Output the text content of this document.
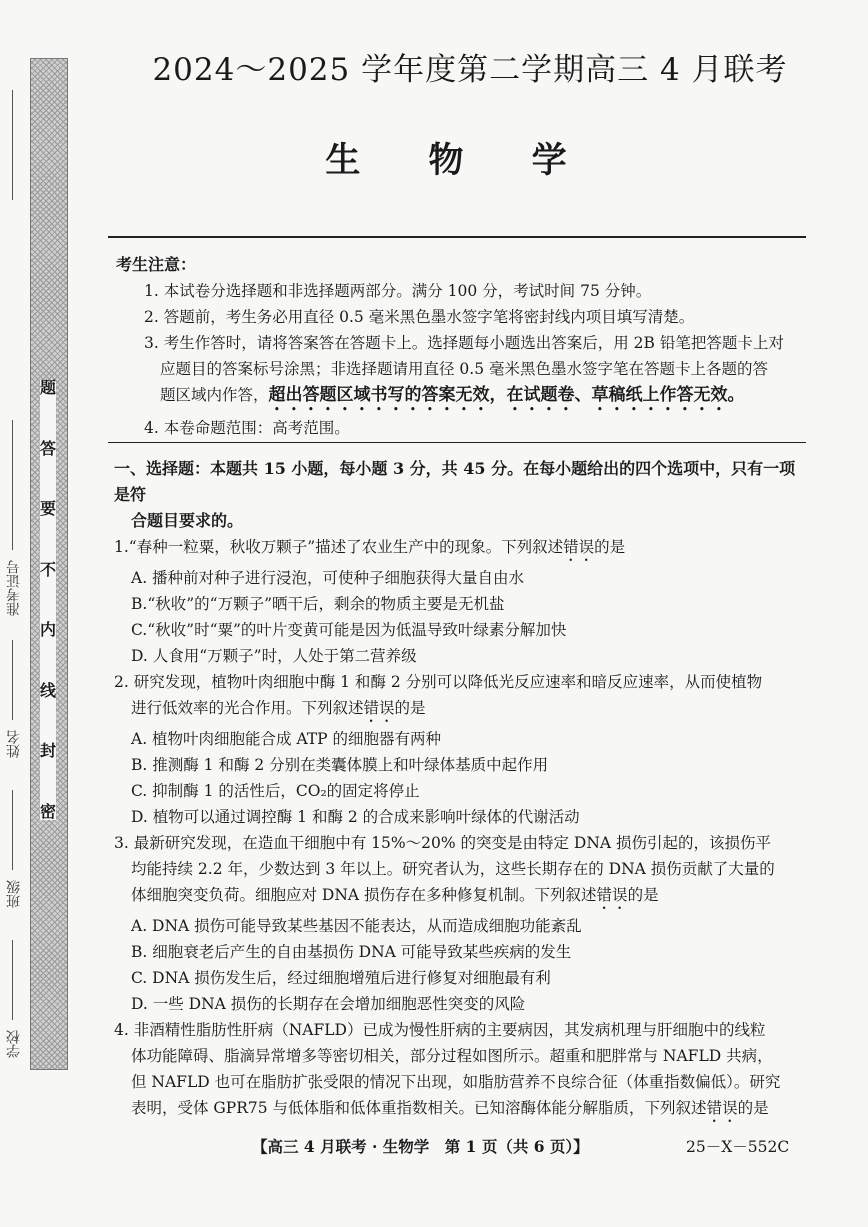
学校
班级
姓名
准考证号
题
答
要
不
内
线
封
密
2024～2025 学年度第二学期高三 4 月联考
生 物 学
考生注意：
1. 本试卷分选择题和非选择题两部分。满分 100 分，考试时间 75 分钟。
2. 答题前，考生务必用直径 0.5 毫米黑色墨水签字笔将密封线内项目填写清楚。
3. 考生作答时，请将答案答在答题卡上。选择题每小题选出答案后，用 2B 铅笔把答题卡上对
应题目的答案标号涂黑；非选择题请用直径 0.5 毫米黑色墨水签字笔在答题卡上各题的答
题区域内作答，超出答题区域书写的答案无效，在试题卷、草稿纸上作答无效。
4. 本卷命题范围：高考范围。
一、选择题：本题共 15 小题，每小题 3 分，共 45 分。在每小题给出的四个选项中，只有一项是符
合题目要求的。
1.“春种一粒粟，秋收万颗子”描述了农业生产中的现象。下列叙述错误的是
A. 播种前对种子进行浸泡，可使种子细胞获得大量自由水
B.“秋收”的“万颗子”晒干后，剩余的物质主要是无机盐
C.“秋收”时“粟”的叶片变黄可能是因为低温导致叶绿素分解加快
D. 人食用“万颗子”时，人处于第二营养级
2. 研究发现，植物叶肉细胞中酶 1 和酶 2 分别可以降低光反应速率和暗反应速率，从而使植物
进行低效率的光合作用。下列叙述错误的是
A. 植物叶肉细胞能合成 ATP 的细胞器有两种
B. 推测酶 1 和酶 2 分别在类囊体膜上和叶绿体基质中起作用
C. 抑制酶 1 的活性后，CO₂的固定将停止
D. 植物可以通过调控酶 1 和酶 2 的合成来影响叶绿体的代谢活动
3. 最新研究发现，在造血干细胞中有 15%～20% 的突变是由特定 DNA 损伤引起的，该损伤平
均能持续 2.2 年，少数达到 3 年以上。研究者认为，这些长期存在的 DNA 损伤贡献了大量的
体细胞突变负荷。细胞应对 DNA 损伤存在多种修复机制。下列叙述错误的是
A. DNA 损伤可能导致某些基因不能表达，从而造成细胞功能紊乱
B. 细胞衰老后产生的自由基损伤 DNA 可能导致某些疾病的发生
C. DNA 损伤发生后，经过细胞增殖后进行修复对细胞最有利
D. 一些 DNA 损伤的长期存在会增加细胞恶性突变的风险
4. 非酒精性脂肪性肝病（NAFLD）已成为慢性肝病的主要病因，其发病机理与肝细胞中的线粒
体功能障碍、脂滴异常增多等密切相关，部分过程如图所示。超重和肥胖常与 NAFLD 共病，
但 NAFLD 也可在脂肪扩张受限的情况下出现，如脂肪营养不良综合征（体重指数偏低）。研究
表明，受体 GPR75 与低体脂和低体重指数相关。已知溶酶体能分解脂质，下列叙述错误的是
【高三 4 月联考 · 生物学　第 1 页（共 6 页）】	25－X－552C
